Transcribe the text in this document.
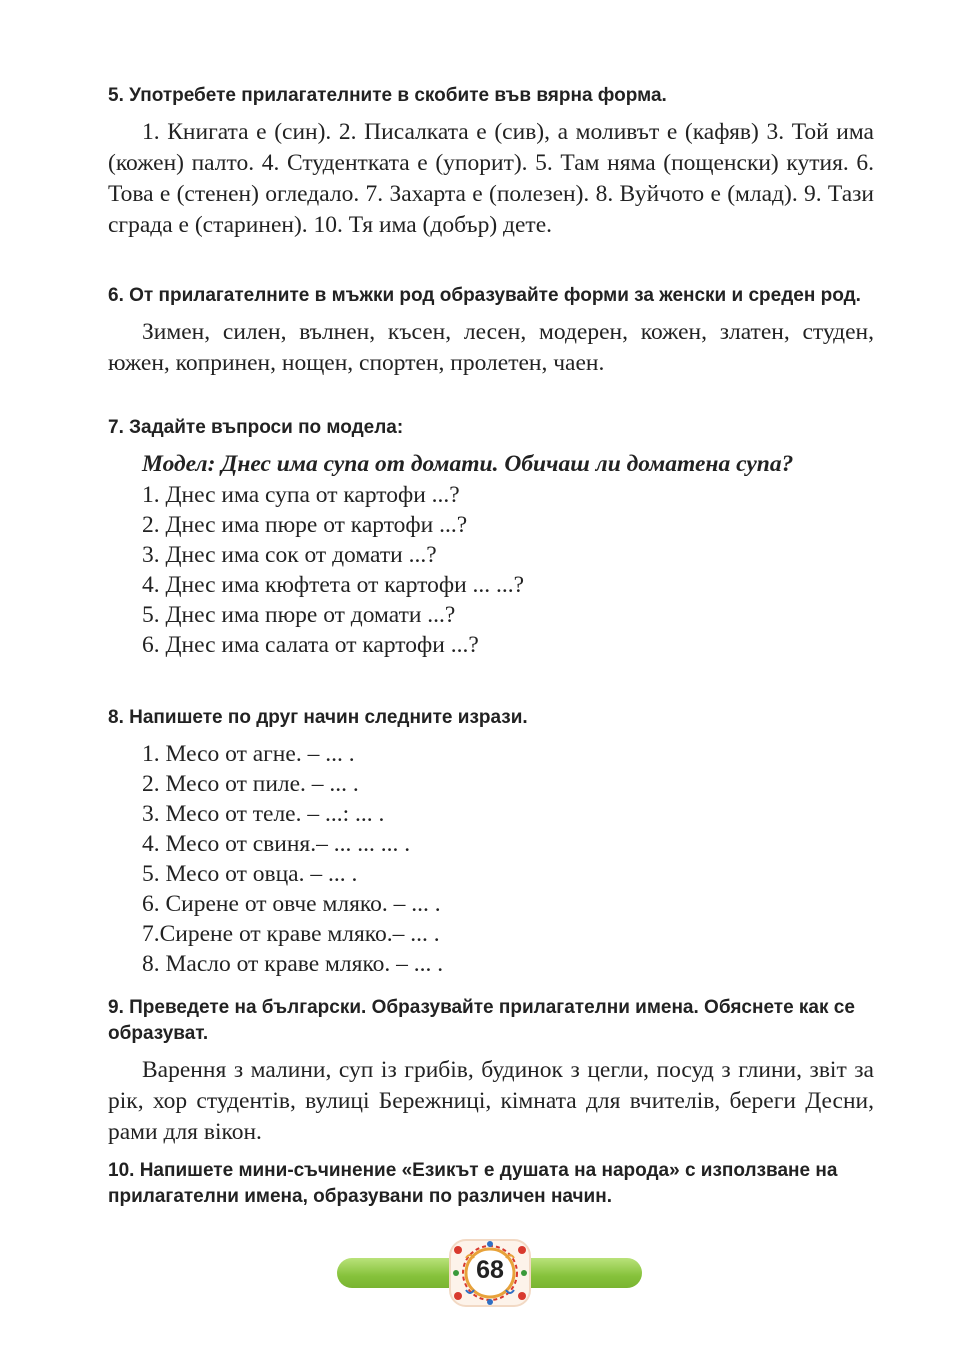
5. Употребете прилагателните в скобите във вярна форма.

1. Книгата е (син). 2. Писалката е (сив), а моливът е (кафяв) 3. Той има (кожен) палто. 4. Студентката е (упорит). 5. Там няма (пощенски) кутия. 6. Това е (стенен) огледало. 7. Захарта е (полезен). 8. Вуйчото е (млад). 9. Тази сграда е (старинен). 10. Тя има (добър) дете.

6. От прилагателните в мъжки род образувайте форми за женски и среден род.

Зимен, силен, вълнен, късен, лесен, модерен, кожен, златен, студен, южен, копринен, нощен, спортен, пролетен, чаен.

7. Задайте въпроси по модела:

Модел: Днес има супа от домати. Обичаш ли доматена супа?

1. Днес има супа от картофи ...?
2. Днес има пюре от картофи ...?
3. Днес има сок от домати ...?
4. Днес има кюфтета от картофи ... ...?
5. Днес има пюре от домати ...?
6. Днес има салата от картофи ...?

8. Напишете по друг начин следните изрази.

1. Месо от агне. – ... .
2. Месо от пиле. – ... .
3. Месо от теле. – ...: ... .
4. Месо от свиня.– ... ... ... .
5. Месо от овца. – ... .
6. Сирене от овче мляко. – ... .
7.Сирене от краве мляко.– ... .
8. Масло от краве мляко. – ... .

9. Преведете на български. Образувайте прилагателни имена. Обяснете как се образуват.

Варення з малини, суп із грибів, будинок з цегли, посуд з глини, звіт за рік, хор студентів, вулиці Бережниці, кімната для вчителів, береги Десни, рами для вікон.

10. Напишете мини-съчинение «Езикът е душата на народа» с използване на прилагателни имена, образувани по различен начин.

68
